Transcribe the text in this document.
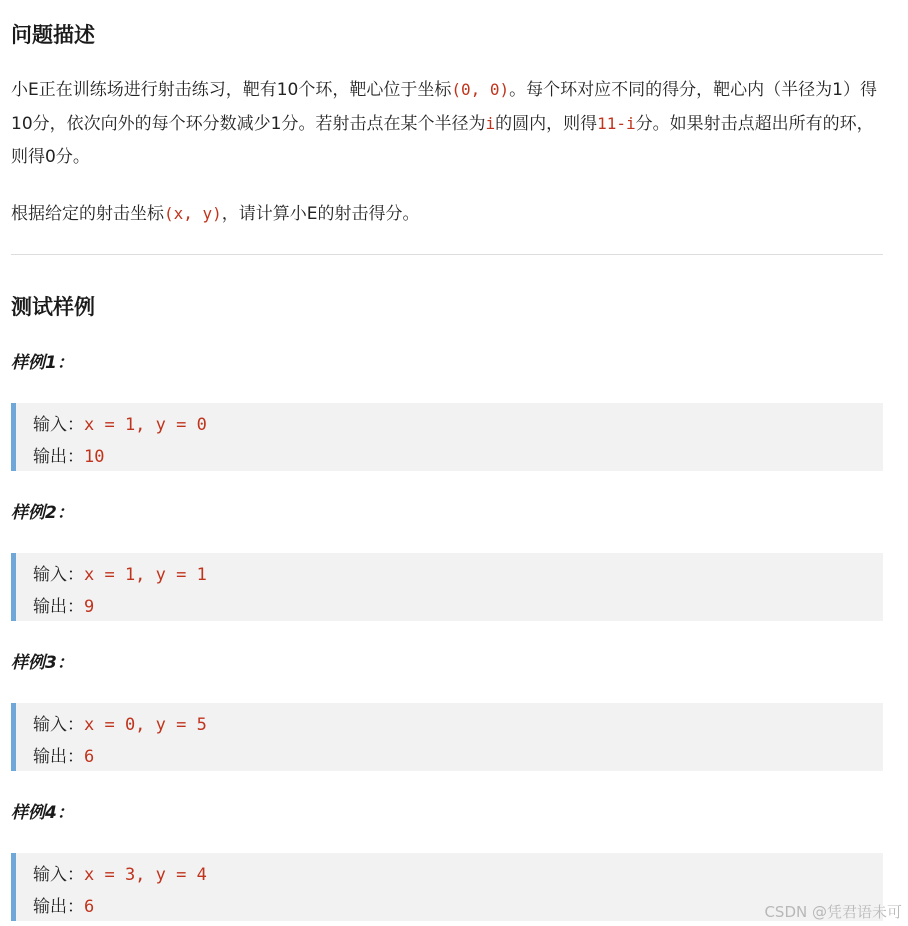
问题描述
小E正在训练场进行射击练习，靶有10个环，靶心位于坐标(0, 0)。每个环对应不同的得分，靶心内（半径为1）得10分，依次向外的每个环分数减少1分。若射击点在某个半径为i的圆内，则得11-i分。如果射击点超出所有的环，则得0分。
根据给定的射击坐标(x, y)，请计算小E的射击得分。
测试样例
样例1：
输入：x = 1, y = 0
输出：10
样例2：
输入：x = 1, y = 1
输出：9
样例3：
输入：x = 0, y = 5
输出：6
样例4：
输入：x = 3, y = 4
输出：6	CSDN @凭君语未可
